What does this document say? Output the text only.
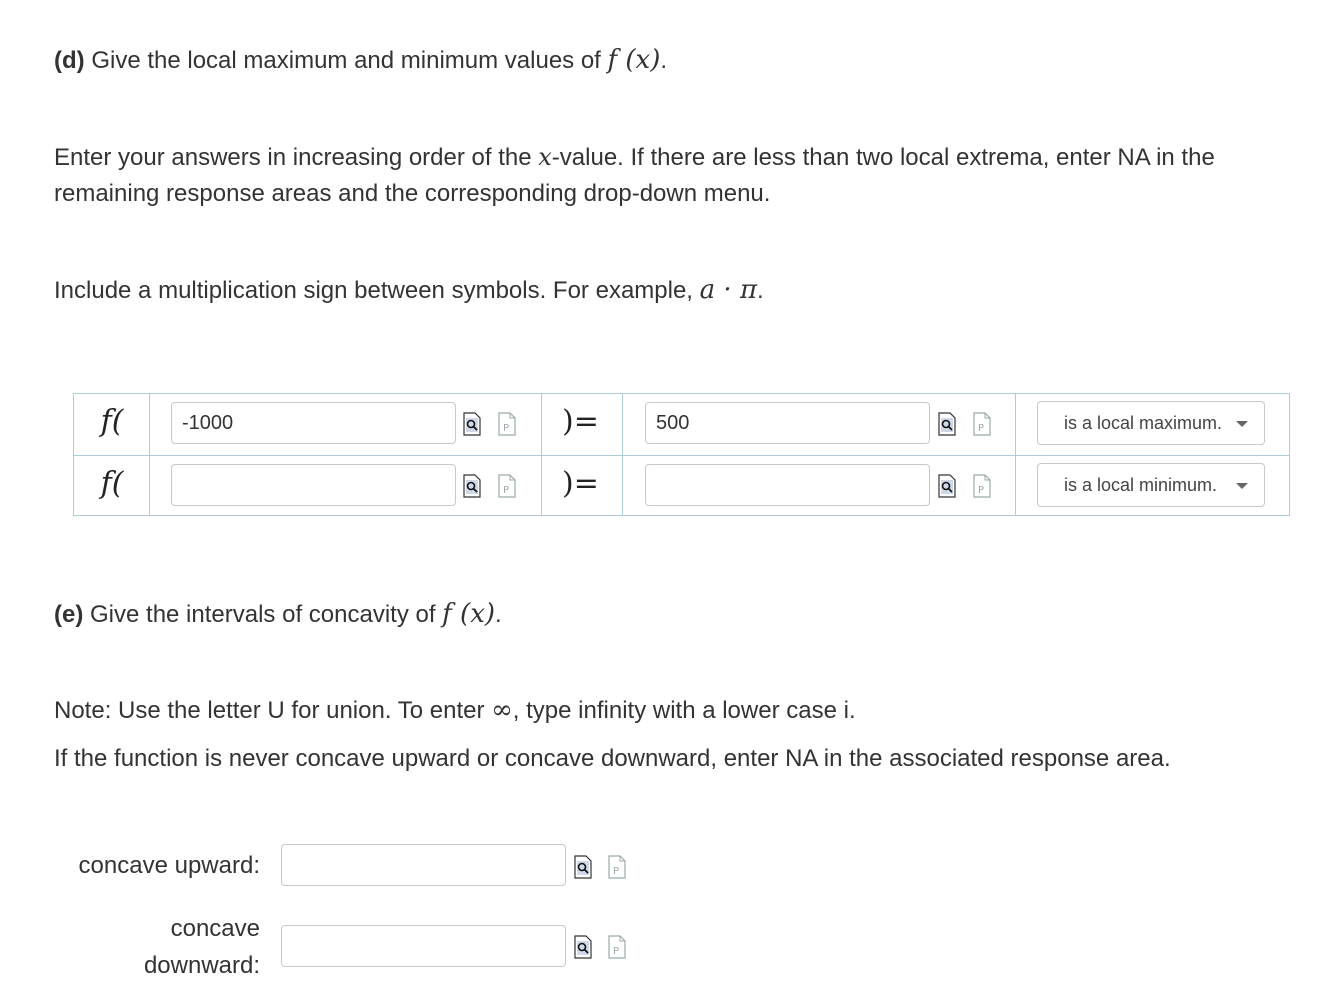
(d) Give the local maximum and minimum values of f (x).
Enter your answers in increasing order of the x-value. If there are less than two local extrema, enter NA in the
remaining response areas and the corresponding drop-down menu.
Include a multiplication sign between symbols. For example, a · π.
f(	-1000	P )=	500	P	is a local maximum.
f(	P )=	P	is a local minimum.
(e) Give the intervals of concavity of f (x).
Note: Use the letter U for union. To enter ∞, type infinity with a lower case i.
If the function is never concave upward or concave downward, enter NA in the associated response area.
concave upward:	P
concave
downward:
P
